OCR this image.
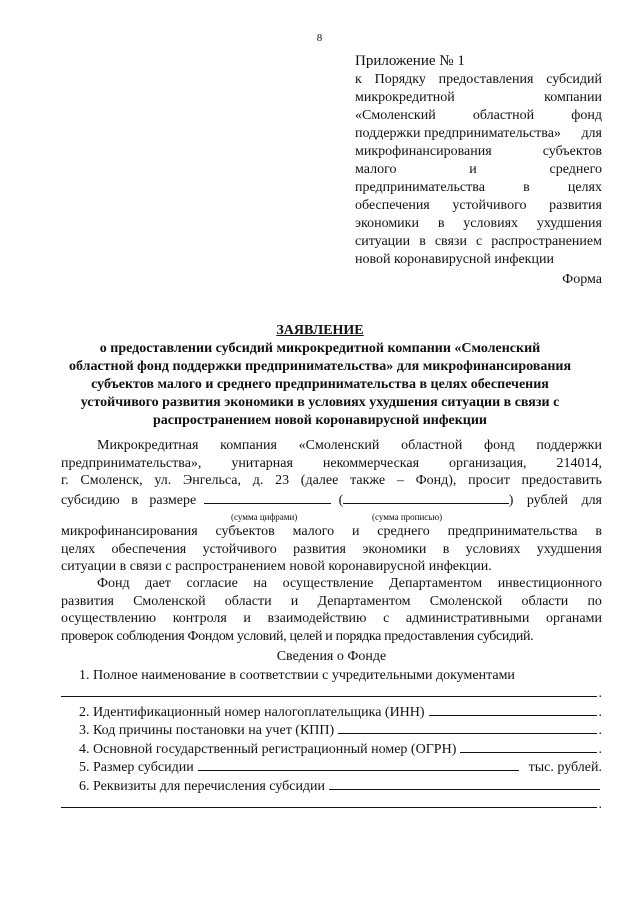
8
Приложение № 1
к Порядку предоставления субсидий
микрокредитной	компании
«Смоленский	областной	фонд
поддержки предпринимательства» для
микрофинансирования	субъектов
малого	и	среднего
предпринимательства	в	целях
обеспечения устойчивого развития
экономики в условиях ухудшения
ситуации в связи с распространением
новой коронавирусной инфекции
Форма
ЗАЯВЛЕНИЕ
о предоставлении субсидий микрокредитной компании «Смоленский
областной фонд поддержки предпринимательства» для микрофинансирования
субъектов малого и среднего предпринимательства в целях обеспечения
устойчивого развития экономики в условиях ухудшения ситуации в связи с
распространением новой коронавирусной инфекции
Микрокредитная компания «Смоленский областной фонд поддержки
предпринимательства», унитарная некоммерческая организация, 214014,
г. Смоленск, ул. Энгельса, д. 23 (далее также – Фонд), просит предоставить
субсидию в размере	(	) рублей для
(сумма цифрами)	(сумма прописью)
микрофинансирования субъектов малого и среднего предпринимательства в
целях обеспечения устойчивого развития экономики в условиях ухудшения
ситуации в связи с распространением новой коронавирусной инфекции.
Фонд дает согласие на осуществление Департаментом инвестиционного
развития Смоленской области и Департаментом Смоленской области по
осуществлению контроля и взаимодействию с административными органами
проверок соблюдения Фондом условий, целей и порядка предоставления субсидий.
Сведения о Фонде
1. Полное наименование в соответствии с учредительными документами
.
2. Идентификационный номер налогоплательщика (ИНН)	.
3. Код причины постановки на учет (КПП)	.
4. Основной государственный регистрационный номер (ОГРН)	.
5. Размер субсидии	тыс. рублей.
6. Реквизиты для перечисления субсидии
.
